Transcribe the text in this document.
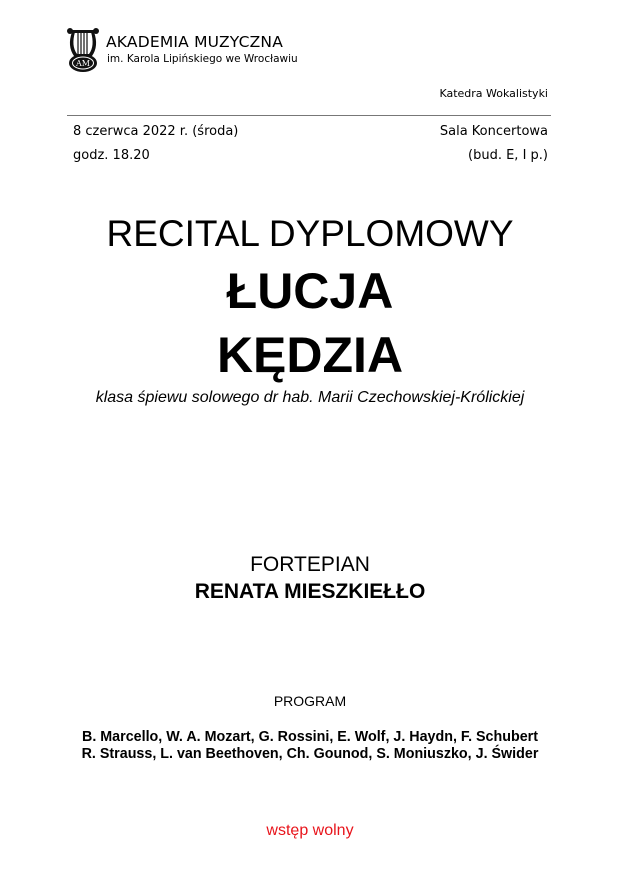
AM
AKADEMIA MUZYCZNA
im. Karola Lipińskiego we Wrocławiu
Katedra Wokalistyki
8 czerwca 2022 r. (środa)
godz. 18.20
Sala Koncertowa
(bud. E, I p.)
RECITAL DYPLOMOWY
ŁUCJA
KĘDZIA
klasa śpiewu solowego dr hab. Marii Czechowskiej-Królickiej
FORTEPIAN
RENATA MIESZKIEŁŁO
PROGRAM
B. Marcello, W. A. Mozart, G. Rossini, E. Wolf, J. Haydn, F. Schubert
R. Strauss, L. van Beethoven, Ch. Gounod, S. Moniuszko, J. Świder
wstęp wolny
